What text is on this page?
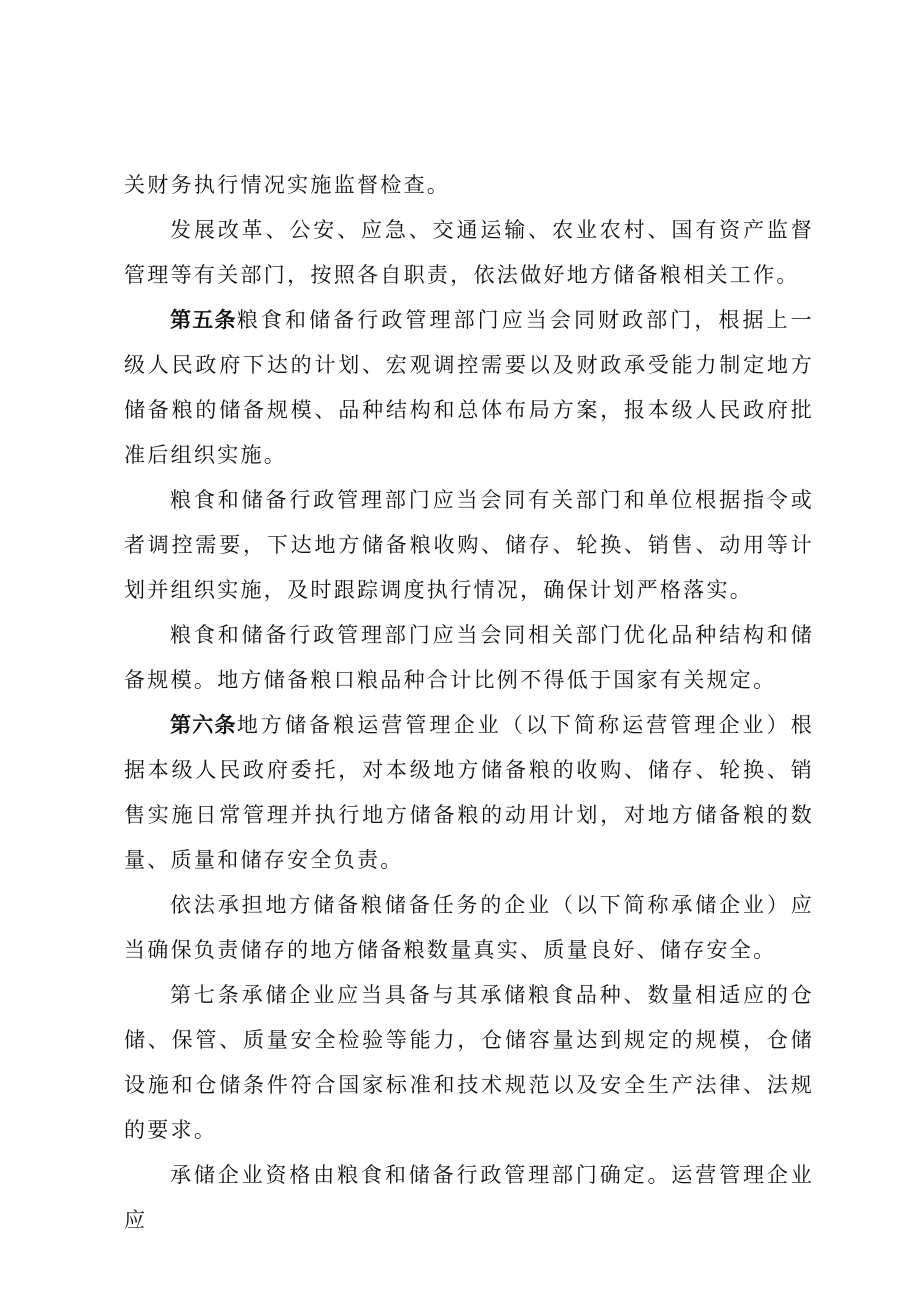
关财务执行情况实施监督检查。

发展改革、公安、应急、交通运输、农业农村、国有资产监督管理等有关部门，按照各自职责，依法做好地方储备粮相关工作。

第五条粮食和储备行政管理部门应当会同财政部门，根据上一级人民政府下达的计划、宏观调控需要以及财政承受能力制定地方储备粮的储备规模、品种结构和总体布局方案，报本级人民政府批准后组织实施。

粮食和储备行政管理部门应当会同有关部门和单位根据指令或者调控需要，下达地方储备粮收购、储存、轮换、销售、动用等计划并组织实施，及时跟踪调度执行情况，确保计划严格落实。

粮食和储备行政管理部门应当会同相关部门优化品种结构和储备规模。地方储备粮口粮品种合计比例不得低于国家有关规定。

第六条地方储备粮运营管理企业（以下简称运营管理企业）根据本级人民政府委托，对本级地方储备粮的收购、储存、轮换、销售实施日常管理并执行地方储备粮的动用计划，对地方储备粮的数量、质量和储存安全负责。

依法承担地方储备粮储备任务的企业（以下简称承储企业）应当确保负责储存的地方储备粮数量真实、质量良好、储存安全。

第七条承储企业应当具备与其承储粮食品种、数量相适应的仓储、保管、质量安全检验等能力，仓储容量达到规定的规模，仓储设施和仓储条件符合国家标准和技术规范以及安全生产法律、法规的要求。

承储企业资格由粮食和储备行政管理部门确定。运营管理企业应
